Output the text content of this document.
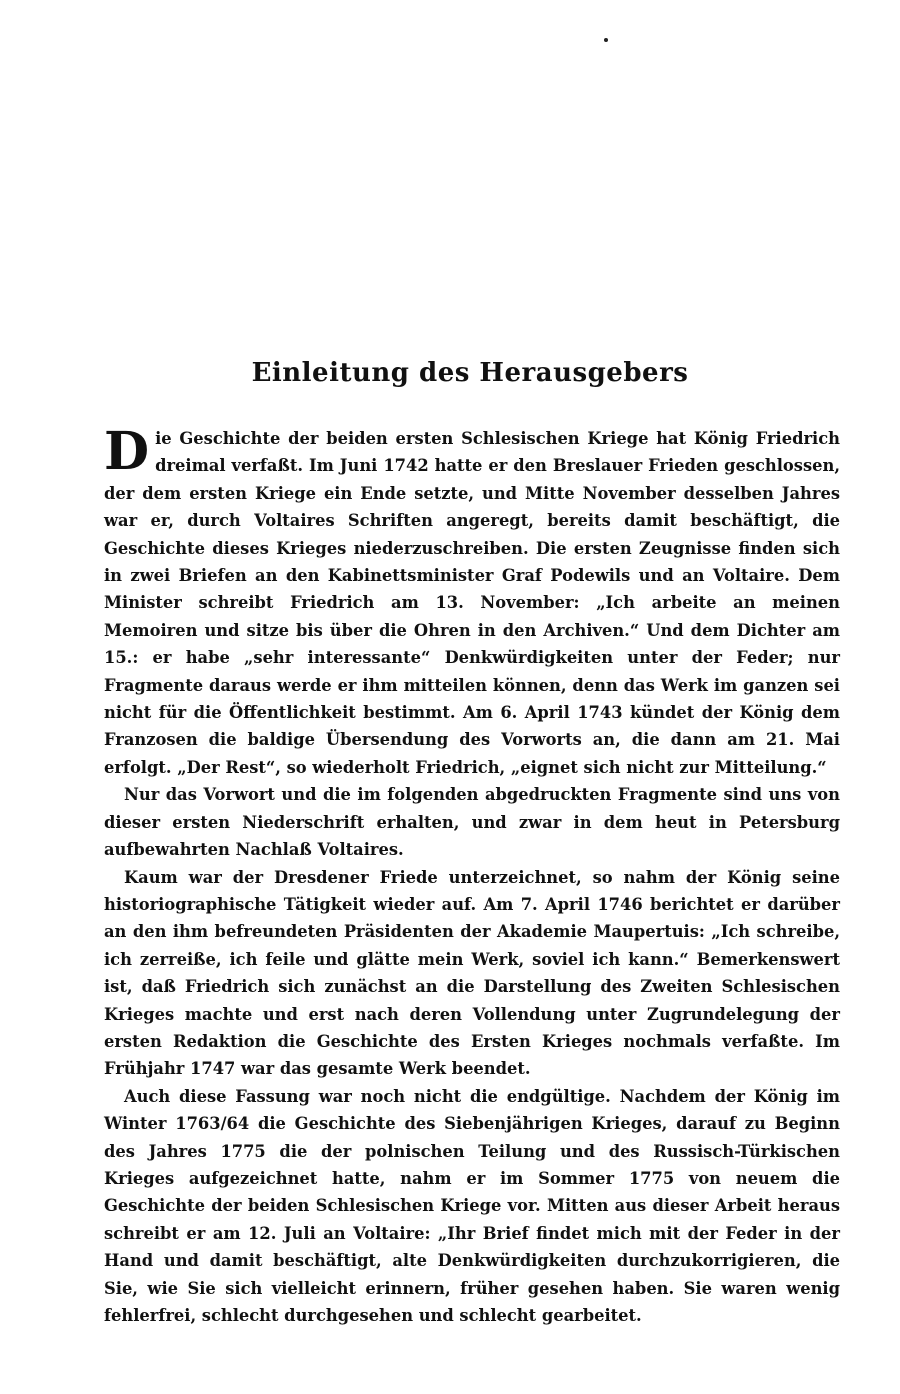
Einleitung des Herausgebers

Die Geschichte der beiden ersten Schlesischen Kriege hat König Friedrich dreimal verfaßt. Im Juni 1742 hatte er den Breslauer Frieden geschlossen, der dem ersten Kriege ein Ende setzte, und Mitte November desselben Jahres war er, durch Voltaires Schriften angeregt, bereits damit beschäftigt, die Geschichte dieses Krieges niederzuschreiben. Die ersten Zeugnisse finden sich in zwei Briefen an den Kabinettsminister Graf Podewils und an Voltaire. Dem Minister schreibt Friedrich am 13. November: „Ich arbeite an meinen Memoiren und sitze bis über die Ohren in den Archiven.“ Und dem Dichter am 15.: er habe „sehr interessante“ Denkwürdigkeiten unter der Feder; nur Fragmente daraus werde er ihm mitteilen können, denn das Werk im ganzen sei nicht für die Öffentlichkeit bestimmt. Am 6. April 1743 kündet der König dem Franzosen die baldige Übersendung des Vorworts an, die dann am 21. Mai erfolgt. „Der Rest“, so wiederholt Friedrich, „eignet sich nicht zur Mitteilung.“

Nur das Vorwort und die im folgenden abgedruckten Fragmente sind uns von dieser ersten Niederschrift erhalten, und zwar in dem heut in Petersburg aufbewahrten Nachlaß Voltaires.

Kaum war der Dresdener Friede unterzeichnet, so nahm der König seine historiographische Tätigkeit wieder auf. Am 7. April 1746 berichtet er darüber an den ihm befreundeten Präsidenten der Akademie Maupertuis: „Ich schreibe, ich zerreiße, ich feile und glätte mein Werk, soviel ich kann.“ Bemerkenswert ist, daß Friedrich sich zunächst an die Darstellung des Zweiten Schlesischen Krieges machte und erst nach deren Vollendung unter Zugrundelegung der ersten Redaktion die Geschichte des Ersten Krieges nochmals verfaßte. Im Frühjahr 1747 war das gesamte Werk beendet.

Auch diese Fassung war noch nicht die endgültige. Nachdem der König im Winter 1763/64 die Geschichte des Siebenjährigen Krieges, darauf zu Beginn des Jahres 1775 die der polnischen Teilung und des Russisch-Türkischen Krieges aufgezeichnet hatte, nahm er im Sommer 1775 von neuem die Geschichte der beiden Schlesischen Kriege vor. Mitten aus dieser Arbeit heraus schreibt er am 12. Juli an Voltaire: „Ihr Brief findet mich mit der Feder in der Hand und damit beschäftigt, alte Denkwürdigkeiten durchzukorrigieren, die Sie, wie Sie sich vielleicht erinnern, früher gesehen haben. Sie waren wenig fehlerfrei, schlecht durchgesehen und schlecht gearbeitet.
